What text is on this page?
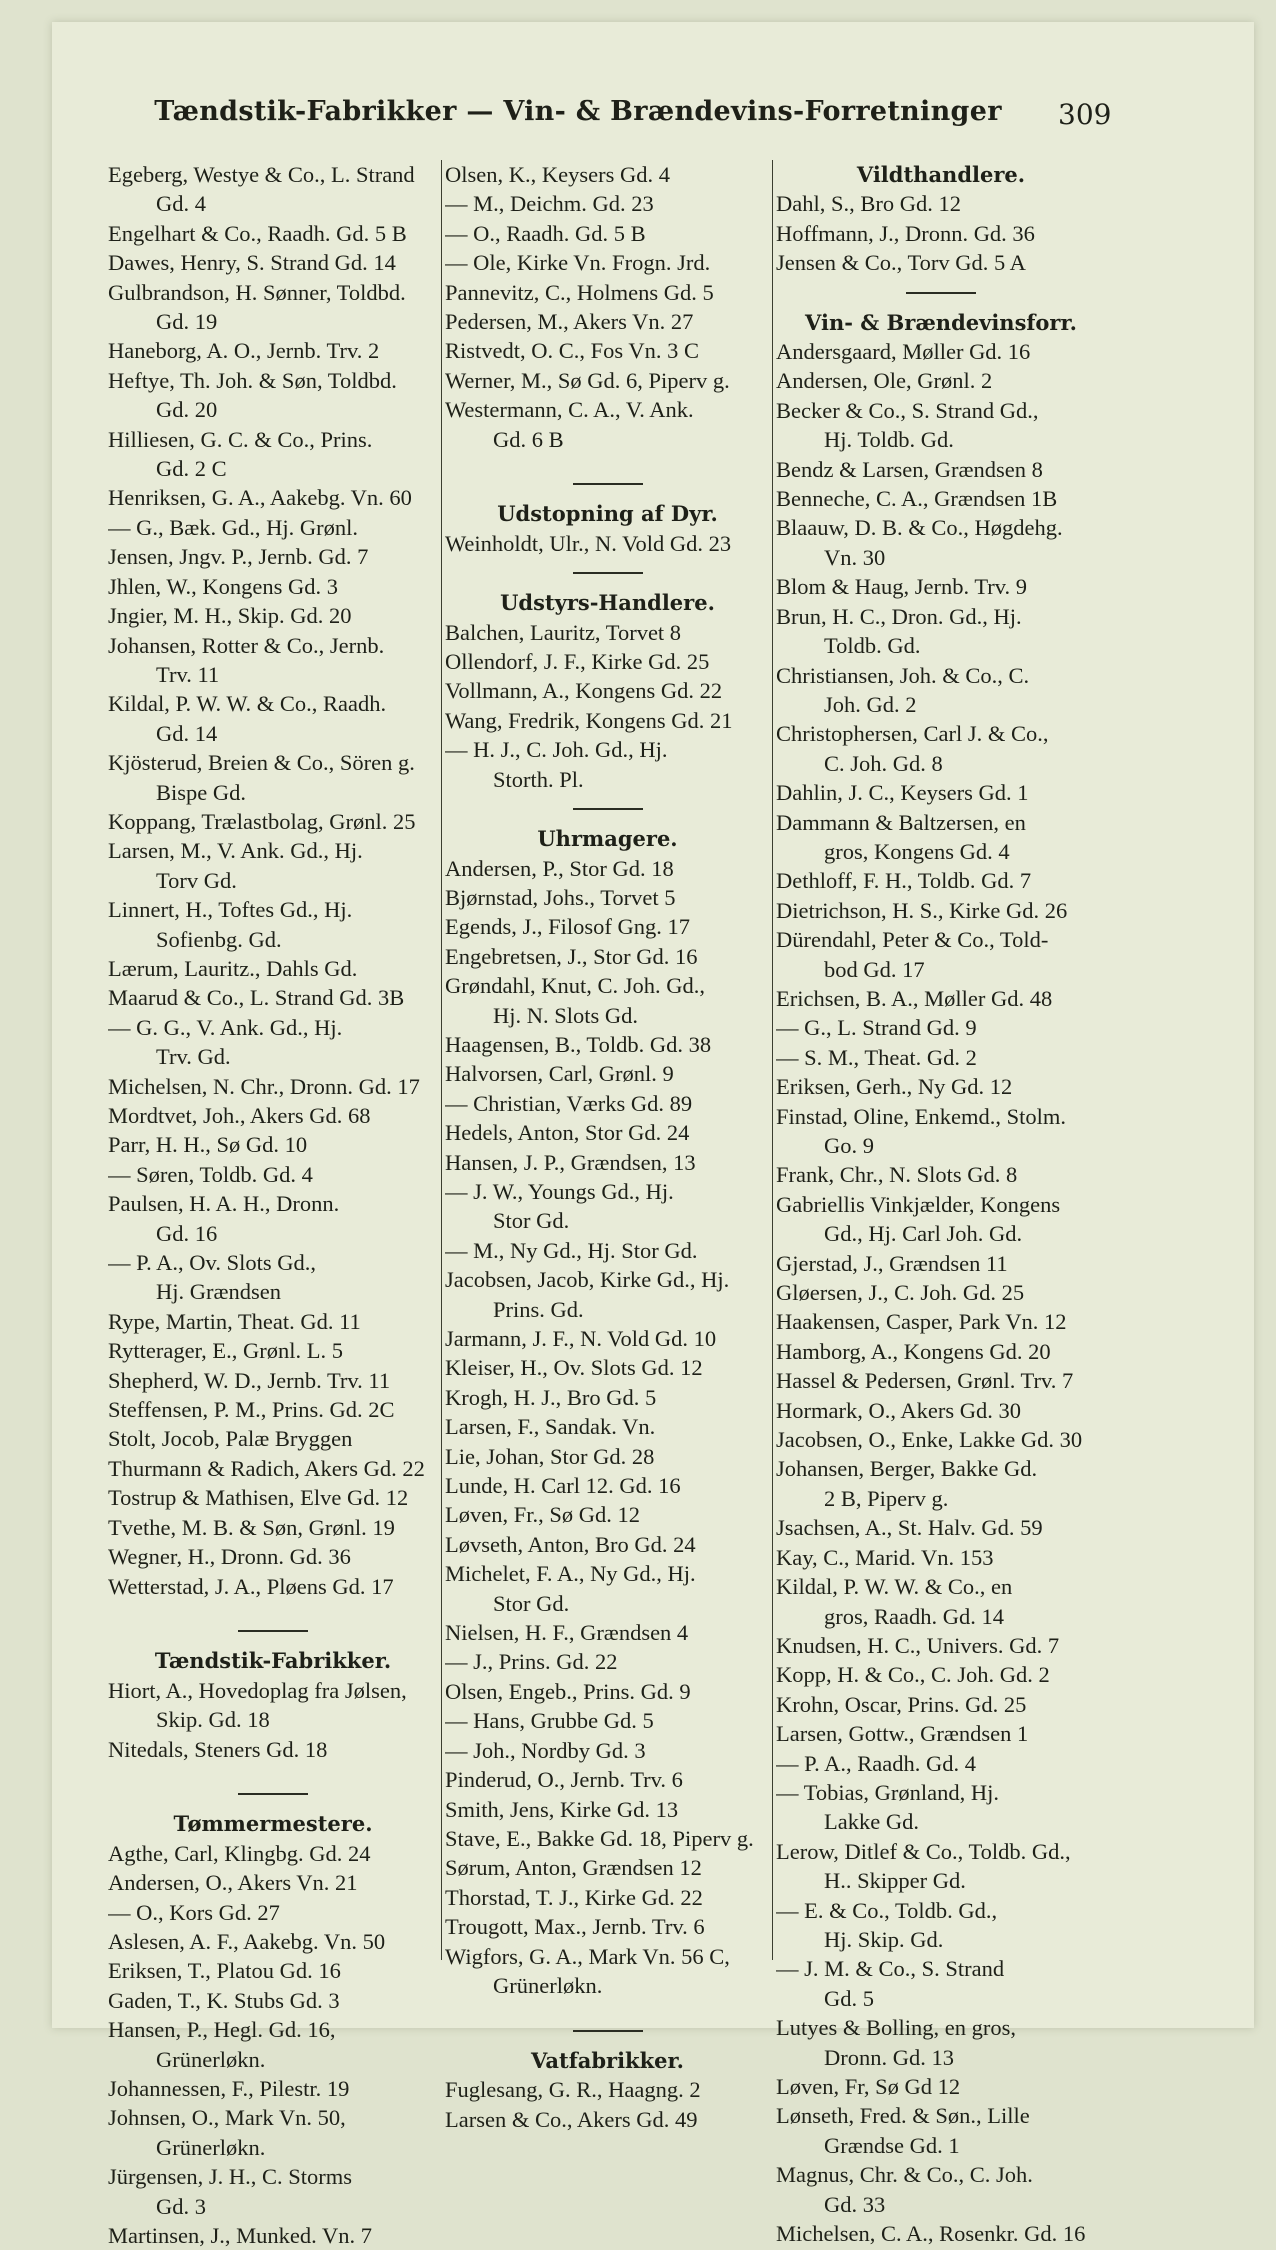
Tændstik-Fabrikker — Vin- & Brændevins-Forretninger	309
Egeberg, Westye & Co., L. Strand
Gd. 4
Engelhart & Co., Raadh. Gd. 5 B
Dawes, Henry, S. Strand Gd. 14
Gulbrandson, H. Sønner, Toldbd.
Gd. 19
Haneborg, A. O., Jernb. Trv. 2
Heftye, Th. Joh. & Søn, Toldbd.
Gd. 20
Hilliesen, G. C. & Co., Prins.
Gd. 2 C
Henriksen, G. A., Aakebg. Vn. 60
— G., Bæk. Gd., Hj. Grønl.
Jensen, Jngv. P., Jernb. Gd. 7
Jhlen, W., Kongens Gd. 3
Jngier, M. H., Skip. Gd. 20
Johansen, Rotter & Co., Jernb.
Trv. 11
Kildal, P. W. W. & Co., Raadh.
Gd. 14
Kjösterud, Breien & Co., Sören g.
Bispe Gd.
Koppang, Trælastbolag, Grønl. 25
Larsen, M., V. Ank. Gd., Hj.
Torv Gd.
Linnert, H., Toftes Gd., Hj.
Sofienbg. Gd.
Lærum, Lauritz., Dahls Gd.
Maarud & Co., L. Strand Gd. 3B
— G. G., V. Ank. Gd., Hj.
Trv. Gd.
Michelsen, N. Chr., Dronn. Gd. 17
Mordtvet, Joh., Akers Gd. 68
Parr, H. H., Sø Gd. 10
— Søren, Toldb. Gd. 4
Paulsen, H. A. H., Dronn.
Gd. 16
— P. A., Ov. Slots Gd.,
Hj. Grændsen
Rype, Martin, Theat. Gd. 11
Rytterager, E., Grønl. L. 5
Shepherd, W. D., Jernb. Trv. 11
Steffensen, P. M., Prins. Gd. 2C
Stolt, Jocob, Palæ Bryggen
Thurmann & Radich, Akers Gd. 22
Tostrup & Mathisen, Elve Gd. 12
Tvethe, M. B. & Søn, Grønl. 19
Wegner, H., Dronn. Gd. 36
Wetterstad, J. A., Pløens Gd. 17
Tændstik-Fabrikker.
Hiort, A., Hovedoplag fra Jølsen,
Skip. Gd. 18
Nitedals, Steners Gd. 18
Tømmermestere.
Agthe, Carl, Klingbg. Gd. 24
Andersen, O., Akers Vn. 21
— O., Kors Gd. 27
Aslesen, A. F., Aakebg. Vn. 50
Eriksen, T., Platou Gd. 16
Gaden, T., K. Stubs Gd. 3
Hansen, P., Hegl. Gd. 16,
Grünerløkn.
Johannessen, F., Pilestr. 19
Johnsen, O., Mark Vn. 50,
Grünerløkn.
Jürgensen, J. H., C. Storms
Gd. 3
Martinsen, J., Munked. Vn. 7
Olsen, K., Keysers Gd. 4
— M., Deichm. Gd. 23
— O., Raadh. Gd. 5 B
— Ole, Kirke Vn. Frogn. Jrd.
Pannevitz, C., Holmens Gd. 5
Pedersen, M., Akers Vn. 27
Ristvedt, O. C., Fos Vn. 3 C
Werner, M., Sø Gd. 6, Piperv g.
Westermann, C. A., V. Ank.
Gd. 6 B
Udstopning af Dyr.
Weinholdt, Ulr., N. Vold Gd. 23
Udstyrs-Handlere.
Balchen, Lauritz, Torvet 8
Ollendorf, J. F., Kirke Gd. 25
Vollmann, A., Kongens Gd. 22
Wang, Fredrik, Kongens Gd. 21
— H. J., C. Joh. Gd., Hj.
Storth. Pl.
Uhrmagere.
Andersen, P., Stor Gd. 18
Bjørnstad, Johs., Torvet 5
Egends, J., Filosof Gng. 17
Engebretsen, J., Stor Gd. 16
Grøndahl, Knut, C. Joh. Gd.,
Hj. N. Slots Gd.
Haagensen, B., Toldb. Gd. 38
Halvorsen, Carl, Grønl. 9
— Christian, Værks Gd. 89
Hedels, Anton, Stor Gd. 24
Hansen, J. P., Grændsen, 13
— J. W., Youngs Gd., Hj.
Stor Gd.
— M., Ny Gd., Hj. Stor Gd.
Jacobsen, Jacob, Kirke Gd., Hj.
Prins. Gd.
Jarmann, J. F., N. Vold Gd. 10
Kleiser, H., Ov. Slots Gd. 12
Krogh, H. J., Bro Gd. 5
Larsen, F., Sandak. Vn.
Lie, Johan, Stor Gd. 28
Lunde, H. Carl 12. Gd. 16
Løven, Fr., Sø Gd. 12
Løvseth, Anton, Bro Gd. 24
Michelet, F. A., Ny Gd., Hj.
Stor Gd.
Nielsen, H. F., Grændsen 4
— J., Prins. Gd. 22
Olsen, Engeb., Prins. Gd. 9
— Hans, Grubbe Gd. 5
— Joh., Nordby Gd. 3
Pinderud, O., Jernb. Trv. 6
Smith, Jens, Kirke Gd. 13
Stave, E., Bakke Gd. 18, Piperv g.
Sørum, Anton, Grændsen 12
Thorstad, T. J., Kirke Gd. 22
Trougott, Max., Jernb. Trv. 6
Wigfors, G. A., Mark Vn. 56 C,
Grünerløkn.
Vatfabrikker.
Fuglesang, G. R., Haagng. 2
Larsen & Co., Akers Gd. 49
Vildthandlere.
Dahl, S., Bro Gd. 12
Hoffmann, J., Dronn. Gd. 36
Jensen & Co., Torv Gd. 5 A
Vin- & Brændevinsforr.
Andersgaard, Møller Gd. 16
Andersen, Ole, Grønl. 2
Becker & Co., S. Strand Gd.,
Hj. Toldb. Gd.
Bendz & Larsen, Grændsen 8
Benneche, C. A., Grændsen 1B
Blaauw, D. B. & Co., Høgdehg.
Vn. 30
Blom & Haug, Jernb. Trv. 9
Brun, H. C., Dron. Gd., Hj.
Toldb. Gd.
Christiansen, Joh. & Co., C.
Joh. Gd. 2
Christophersen, Carl J. & Co.,
C. Joh. Gd. 8
Dahlin, J. C., Keysers Gd. 1
Dammann & Baltzersen, en
gros, Kongens Gd. 4
Dethloff, F. H., Toldb. Gd. 7
Dietrichson, H. S., Kirke Gd. 26
Dürendahl, Peter & Co., Told-
bod Gd. 17
Erichsen, B. A., Møller Gd. 48
— G., L. Strand Gd. 9
— S. M., Theat. Gd. 2
Eriksen, Gerh., Ny Gd. 12
Finstad, Oline, Enkemd., Stolm.
Go. 9
Frank, Chr., N. Slots Gd. 8
Gabriellis Vinkjælder, Kongens
Gd., Hj. Carl Joh. Gd.
Gjerstad, J., Grændsen 11
Gløersen, J., C. Joh. Gd. 25
Haakensen, Casper, Park Vn. 12
Hamborg, A., Kongens Gd. 20
Hassel & Pedersen, Grønl. Trv. 7
Hormark, O., Akers Gd. 30
Jacobsen, O., Enke, Lakke Gd. 30
Johansen, Berger, Bakke Gd.
2 B, Piperv g.
Jsachsen, A., St. Halv. Gd. 59
Kay, C., Marid. Vn. 153
Kildal, P. W. W. & Co., en
gros, Raadh. Gd. 14
Knudsen, H. C., Univers. Gd. 7
Kopp, H. & Co., C. Joh. Gd. 2
Krohn, Oscar, Prins. Gd. 25
Larsen, Gottw., Grændsen 1
— P. A., Raadh. Gd. 4
— Tobias, Grønland, Hj.
Lakke Gd.
Lerow, Ditlef & Co., Toldb. Gd.,
H.. Skipper Gd.
— E. & Co., Toldb. Gd.,
Hj. Skip. Gd.
— J. M. & Co., S. Strand
Gd. 5
Lutyes & Bolling, en gros,
Dronn. Gd. 13
Løven, Fr, Sø Gd 12
Lønseth, Fred. & Søn., Lille
Grændse Gd. 1
Magnus, Chr. & Co., C. Joh.
Gd. 33
Michelsen, C. A., Rosenkr. Gd. 16
